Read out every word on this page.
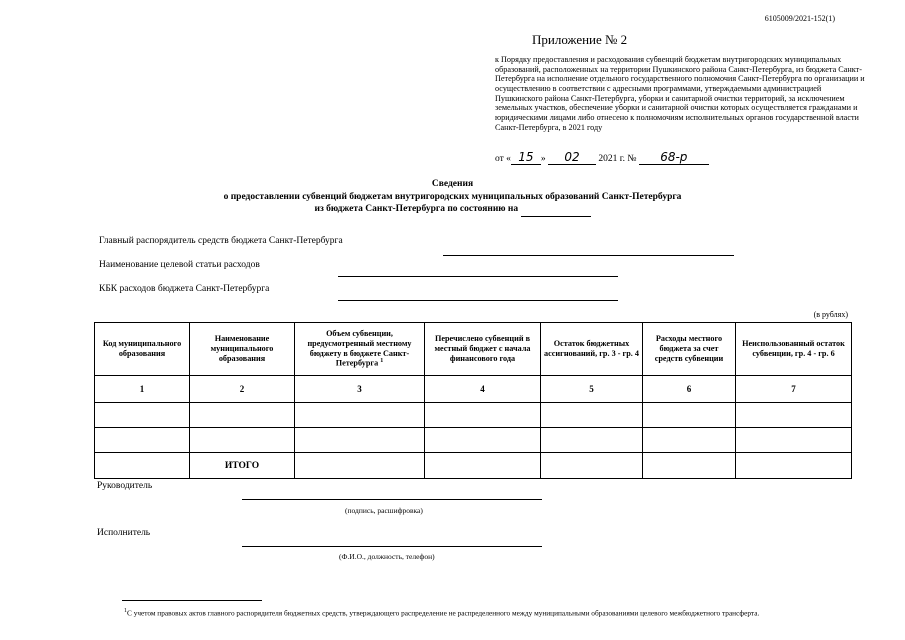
6105009/2021-152(1)
Приложение № 2
к Порядку предоставления и расходования субвенций бюджетам внутригородских муниципальных образований, расположенных на территории Пушкинского района Санкт-Петербурга, из бюджета Санкт-Петербурга на исполнение отдельного государственного полномочия Санкт-Петербурга по организации и осуществлению в соответствии с адресными программами, утверждаемыми администрацией Пушкинского района Санкт-Петербурга, уборки и санитарной очистки территорий, за исключением земельных участков, обеспечение уборки и санитарной очистки которых осуществляется гражданами и юридическими лицами либо отнесено к полномочиям исполнительных органов государственной власти Санкт-Петербурга, в 2021 году
от « 15 » 02 2021 г. № 68-р
Сведения
о предоставлении субвенций бюджетам внутригородских муниципальных образований Санкт-Петербурга
из бюджета Санкт-Петербурга по состоянию на
Главный распорядитель средств бюджета Санкт-Петербурга
Наименование целевой статьи расходов
КБК расходов бюджета Санкт-Петербурга
(в рублях)
Код муниципального образования	Наименование муниципального образования	Объем субвенции, предусмотренный местному бюджету в бюджете Санкт-Петербурга $^1$	Перечислено субвенций в местный бюджет с начала финансового года	Остаток бюджетных ассигнований, гр. 3 - гр. 4	Расходы местного бюджета за счет средств субвенции	Неиспользованный остаток субвенции, гр. 4 - гр. 6
1	2	3	4	5	6	7

	ИТОГО					
Руководитель
(подпись, расшифровка)
Исполнитель
(Ф.И.О., должность, телефон)
$^1$С учетом правовых актов главного распорядителя бюджетных средств, утверждающего распределение не распределенного между муниципальными образованиями целевого межбюджетного трансферта.
